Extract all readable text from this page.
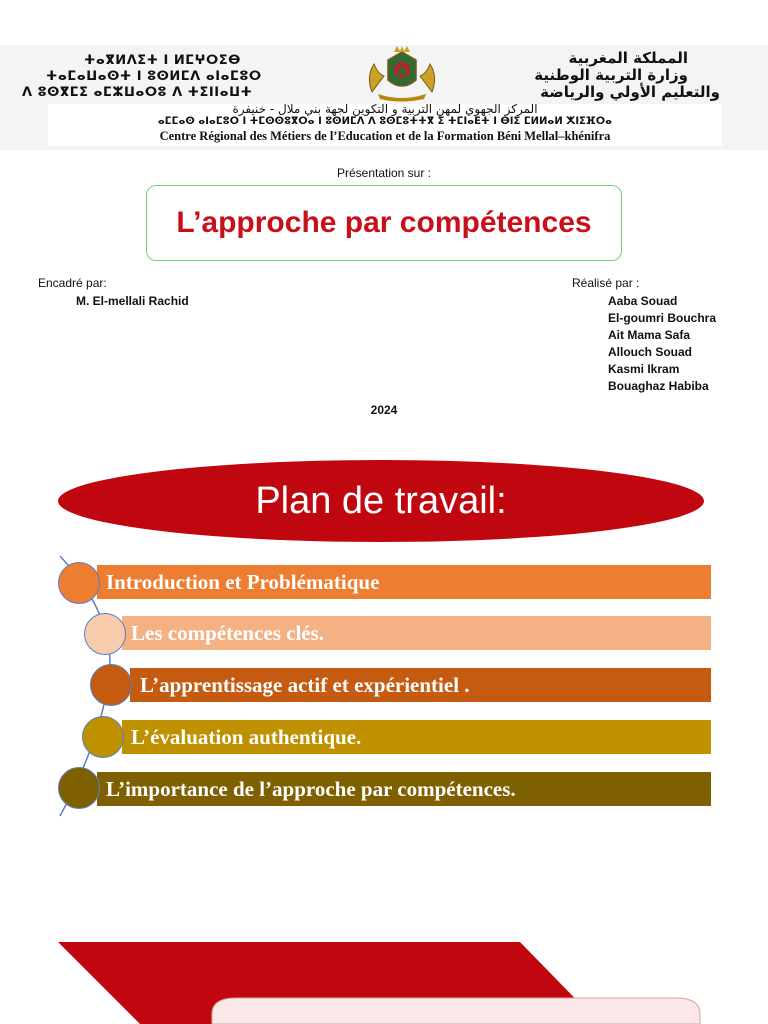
ⵜⴰⴳⵍⴷⵉⵜ ⵏ ⵍⵎⵖⵔⵉⴱ
ⵜⴰⵎⴰⵡⴰⵙⵜ ⵏ ⵓⵙⵍⵎⴷ ⴰⵏⴰⵎⵓⵔ
ⴷ ⵓⵙⴳⵎⵉ ⴰⵎⵣⵡⴰⵔⵓ ⴷ ⵜⵉⵏⵏⴰⵡⵜ
المملكة المغربية
وزارة التربية الوطنية
والتعليم الأولي والرياضة
المركز الجهوي لمهن التربية و التكوين لجهة بني ملال - خنيفرة
ⴰⵎⵎⴰⵙ ⴰⵏⴰⵎⵓⵔ ⵏ ⵜⵎⵙⵙⵓⴳⵔⴰ ⵏ ⵓⵙⵍⵎⴷ ⴷ ⵓⵙⵎⵓⵜⵜⴳ ⵉ ⵜⵎⵏⴰⴹⵜ ⵏ ⴱⵏⵉ ⵎⵍⵍⴰⵍ ⵅⵏⵉⴼⵔⴰ
Centre Régional des Métiers de l’Education et de la Formation Béni Mellal–khénifra
Présentation sur :
L’approche par compétences
Encadré par:
M. El-mellali Rachid
Réalisé par :
Aaba Souad
El-goumri Bouchra
Ait Mama Safa
Allouch Souad
Kasmi Ikram
Bouaghaz Habiba
2024
Plan de travail:
Introduction et Problématique
Les compétences clés.
L’apprentissage actif et expérientiel .
L’évaluation authentique.
L’importance de l’approche par compétences.
